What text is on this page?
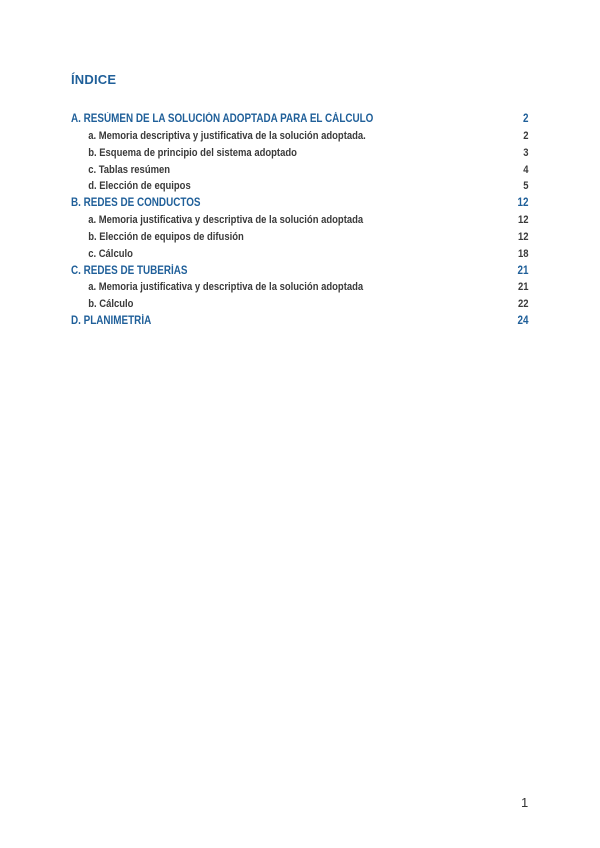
ÍNDICE
A. RESÚMEN DE LA SOLUCIÓN ADOPTADA PARA EL CÁLCULO	2
a. Memoria descriptiva y justificativa de la solución adoptada.	2
b. Esquema de principio del sistema adoptado	3
c. Tablas resúmen	4
d. Elección de equipos	5
B. REDES DE CONDUCTOS	12
a. Memoria justificativa y descriptiva de la solución adoptada	12
b. Elección de equipos de difusión	12
c. Cálculo	18
C. REDES DE TUBERÍAS	21
a. Memoria justificativa y descriptiva de la solución adoptada	21
b. Cálculo	22
D. PLANIMETRÍA	24
1
